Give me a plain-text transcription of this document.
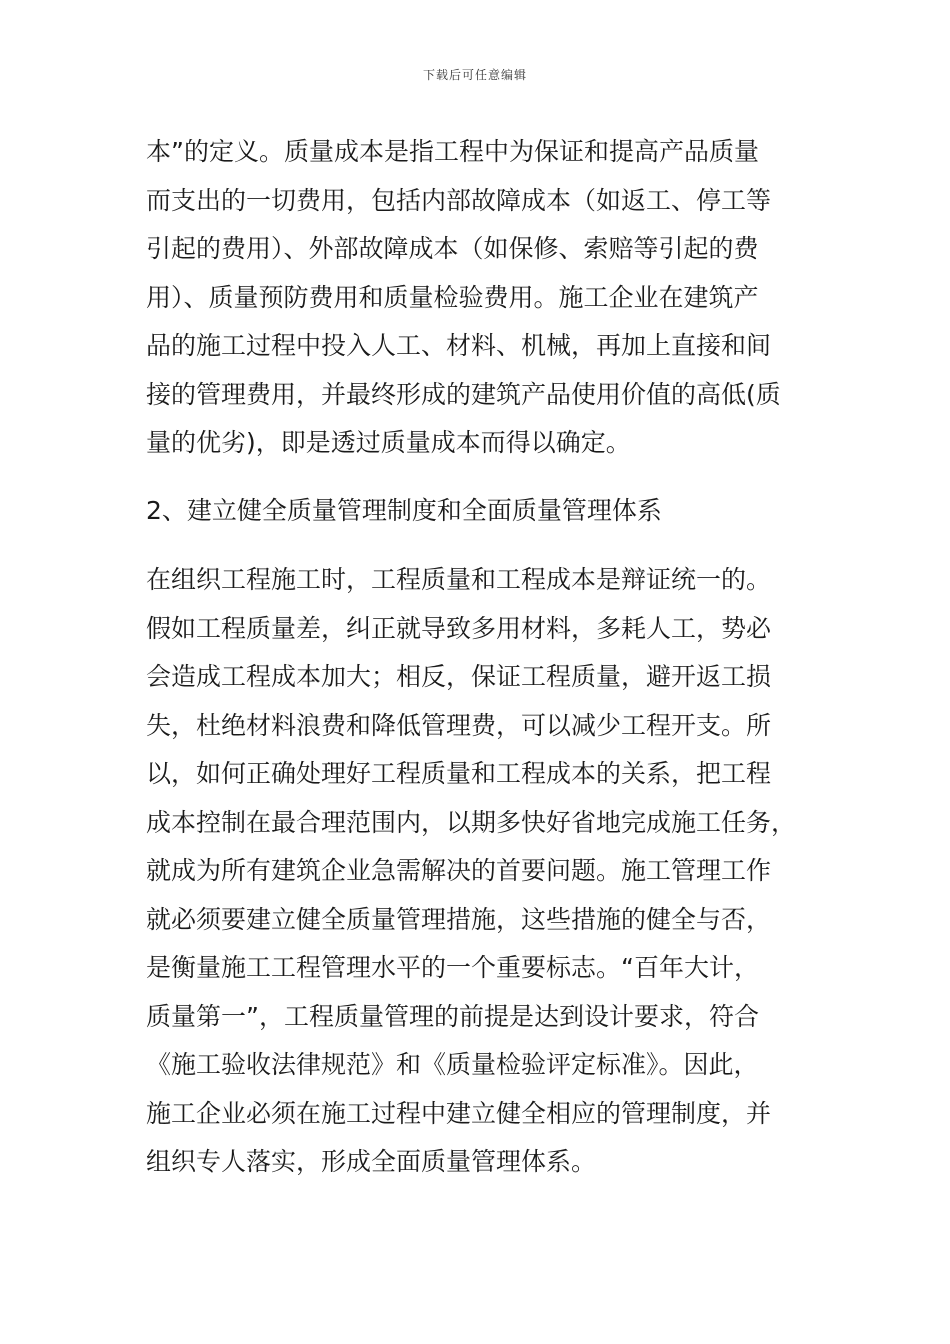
下载后可任意编辑

本”的定义。质量成本是指工程中为保证和提高产品质量
而支出的一切费用，包括内部故障成本（如返工、停工等
引起的费用）、外部故障成本（如保修、索赔等引起的费
用）、质量预防费用和质量检验费用。施工企业在建筑产
品的施工过程中投入人工、材料、机械，再加上直接和间
接的管理费用，并最终形成的建筑产品使用价值的高低(质
量的优劣)，即是透过质量成本而得以确定。

2、建立健全质量管理制度和全面质量管理体系

在组织工程施工时，工程质量和工程成本是辩证统一的。
假如工程质量差，纠正就导致多用材料，多耗人工，势必
会造成工程成本加大；相反，保证工程质量，避开返工损
失，杜绝材料浪费和降低管理费，可以减少工程开支。所
以，如何正确处理好工程质量和工程成本的关系，把工程
成本控制在最合理范围内，以期多快好省地完成施工任务，
就成为所有建筑企业急需解决的首要问题。施工管理工作
就必须要建立健全质量管理措施，这些措施的健全与否，
是衡量施工工程管理水平的一个重要标志。“百年大计，
质量第一”，工程质量管理的前提是达到设计要求，符合
《施工验收法律规范》和《质量检验评定标准》。因此，
施工企业必须在施工过程中建立健全相应的管理制度，并
组织专人落实，形成全面质量管理体系。
